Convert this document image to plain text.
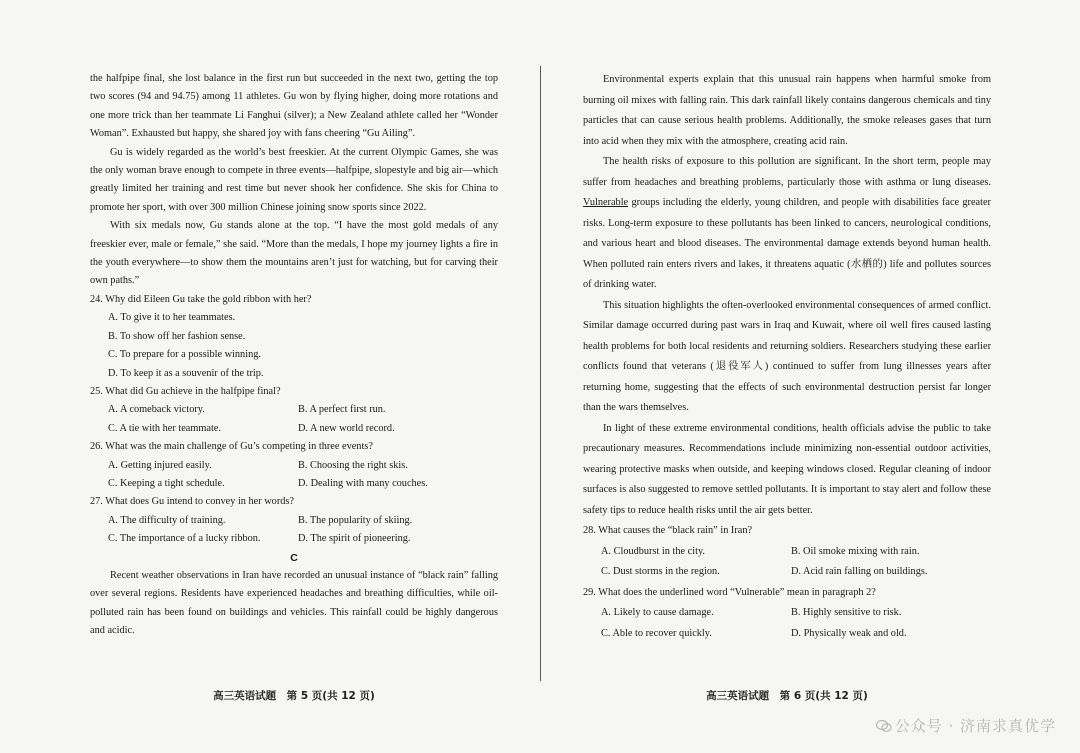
the halfpipe final, she lost balance in the first run but succeeded in the next two, getting the top two scores (94 and 94.75) among 11 athletes. Gu won by flying higher, doing more rotations and one more trick than her teammate Li Fanghui (silver); a New Zealand athlete called her “Wonder Woman”. Exhausted but happy, she shared joy with fans cheering “Gu Ailing”.

Gu is widely regarded as the world’s best freeskier. At the current Olympic Games, she was the only woman brave enough to compete in three events—halfpipe, slopestyle and big air—which greatly limited her training and rest time but never shook her confidence. She skis for China to promote her sport, with over 300 million Chinese joining snow sports since 2022.

With six medals now, Gu stands alone at the top. “I have the most gold medals of any freeskier ever, male or female,” she said. “More than the medals, I hope my journey lights a fire in the youth everywhere—to show them the mountains aren’t just for watching, but for carving their own paths.”

24. Why did Eileen Gu take the gold ribbon with her?
A. To give it to her teammates.
B. To show off her fashion sense.
C. To prepare for a possible winning.
D. To keep it as a souvenir of the trip.
25. What did Gu achieve in the halfpipe final?
A. A comeback victory.	B. A perfect first run.
C. A tie with her teammate.	D. A new world record.
26. What was the main challenge of Gu’s competing in three events?
A. Getting injured easily.	B. Choosing the right skis.
C. Keeping a tight schedule.	D. Dealing with many couches.
27. What does Gu intend to convey in her words?
A. The difficulty of training.	B. The popularity of skiing.
C. The importance of a lucky ribbon.	D. The spirit of pioneering.
C

Recent weather observations in Iran have recorded an unusual instance of “black rain” falling over several regions. Residents have experienced headaches and breathing difficulties, while oil-polluted rain has been found on buildings and vehicles. This rainfall could be highly dangerous and acidic.

高三英语试题　第 5 页(共 12 页)

Environmental experts explain that this unusual rain happens when harmful smoke from burning oil mixes with falling rain. This dark rainfall likely contains dangerous chemicals and tiny particles that can cause serious health problems. Additionally, the smoke releases gases that turn into acid when they mix with the atmosphere, creating acid rain.

The health risks of exposure to this pollution are significant. In the short term, people may suffer from headaches and breathing problems, particularly those with asthma or lung diseases. Vulnerable groups including the elderly, young children, and people with disabilities face greater risks. Long-term exposure to these pollutants has been linked to cancers, neurological conditions, and various heart and blood diseases. The environmental damage extends beyond human health. When polluted rain enters rivers and lakes, it threatens aquatic (水栖的) life and pollutes sources of drinking water.

This situation highlights the often-overlooked environmental consequences of armed conflict. Similar damage occurred during past wars in Iraq and Kuwait, where oil well fires caused lasting health problems for both local residents and returning soldiers. Researchers studying these earlier conflicts found that veterans (退役军人) continued to suffer from lung illnesses years after returning home, suggesting that the effects of such environmental destruction persist far longer than the wars themselves.

In light of these extreme environmental conditions, health officials advise the public to take precautionary measures. Recommendations include minimizing non-essential outdoor activities, wearing protective masks when outside, and keeping windows closed. Regular cleaning of indoor surfaces is also suggested to remove settled pollutants. It is important to stay alert and follow these safety tips to reduce health risks until the air gets better.

28. What causes the “black rain” in Iran?
A. Cloudburst in the city.	B. Oil smoke mixing with rain.
C. Dust storms in the region.	D. Acid rain falling on buildings.
29. What does the underlined word “Vulnerable” mean in paragraph 2?
A. Likely to cause damage.	B. Highly sensitive to risk.
C. Able to recover quickly.	D. Physically weak and old.
高三英语试题　第 6 页(共 12 页)
公众号 · 济南求真优学
